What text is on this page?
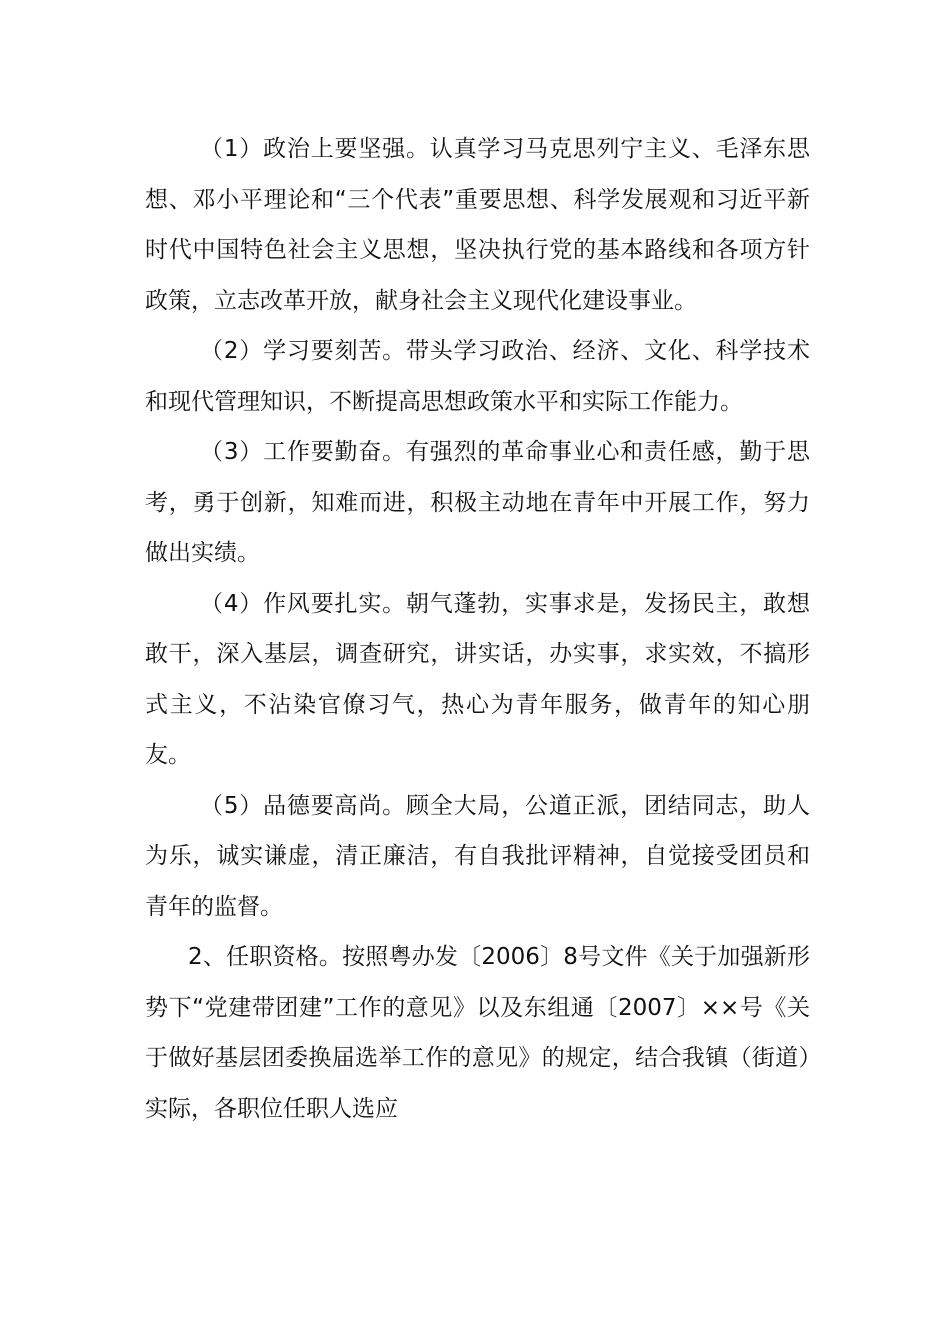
（1）政治上要坚强。认真学习马克思列宁主义、毛泽东思想、邓小平理论和“三个代表”重要思想、科学发展观和习近平新时代中国特色社会主义思想，坚决执行党的基本路线和各项方针政策，立志改革开放，献身社会主义现代化建设事业。

（2）学习要刻苦。带头学习政治、经济、文化、科学技术和现代管理知识，不断提高思想政策水平和实际工作能力。

（3）工作要勤奋。有强烈的革命事业心和责任感，勤于思考，勇于创新，知难而进，积极主动地在青年中开展工作，努力做出实绩。

（4）作风要扎实。朝气蓬勃，实事求是，发扬民主，敢想敢干，深入基层，调查研究，讲实话，办实事，求实效，不搞形式主义，不沾染官僚习气，热心为青年服务，做青年的知心朋友。

（5）品德要高尚。顾全大局，公道正派，团结同志，助人为乐，诚实谦虚，清正廉洁，有自我批评精神，自觉接受团员和青年的监督。

2、任职资格。按照粤办发〔2006〕8号文件《关于加强新形势下“党建带团建”工作的意见》以及东组通〔2007〕××号《关于做好基层团委换届选举工作的意见》的规定，结合我镇（街道）实际，各职位任职人选应
